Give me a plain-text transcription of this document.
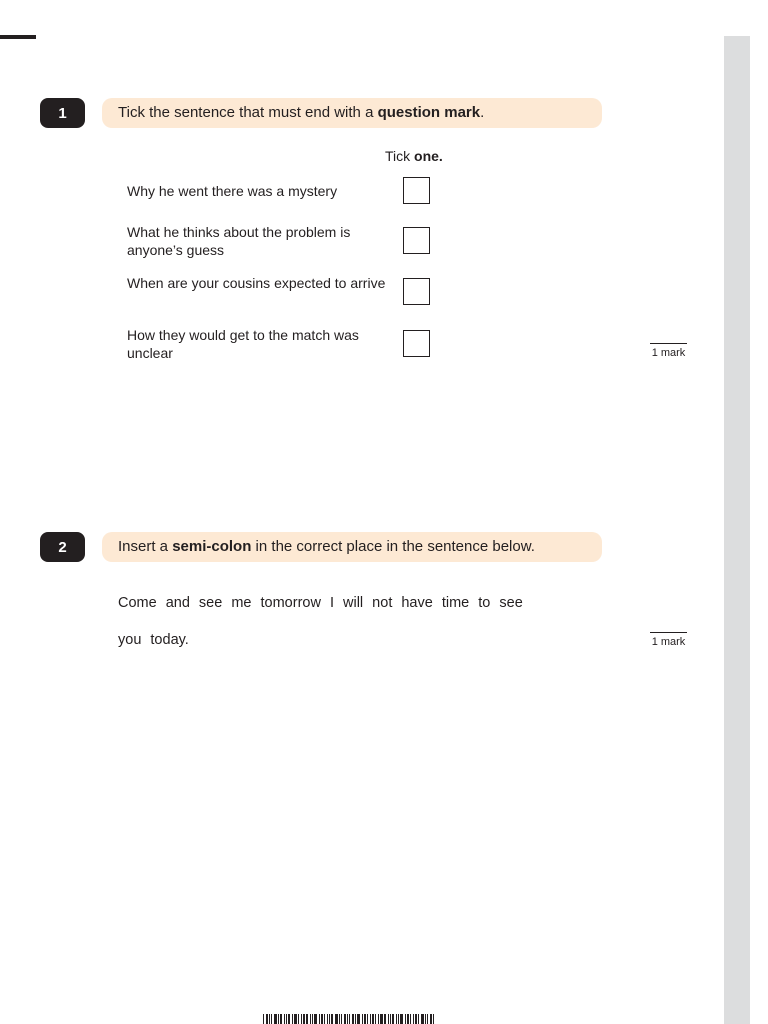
1	Tick the sentence that must end with a question mark.
Tick one.
Why he went there was a mystery
What he thinks about the problem is anyone’s guess
When are your cousins expected to arrive
How they would get to the match was unclear	1 mark
2	Insert a semi-colon in the correct place in the sentence below.
Come and see me tomorrow I will not have time to see
you today.	1 mark
